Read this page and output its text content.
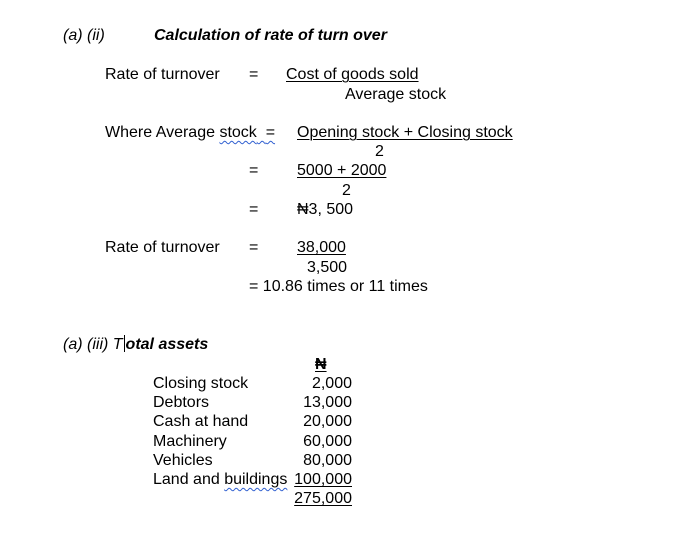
(a) (ii)	Calculation of rate of turn over
Rate of turnover = Cost of goods sold
Average stock
Where Average stock = Opening stock + Closing stock
2
= 5000 + 2000
2
= ₦3, 500
Rate of turnover = 38,000
3,500
= 10.86 times or 11 times
(a) (iii) T otal assets
₦
Closing stock	2,000
Debtors	13,000
Cash at hand	20,000
Machinery	60,000
Vehicles	80,000
Land and buildings 100,000
275,000
